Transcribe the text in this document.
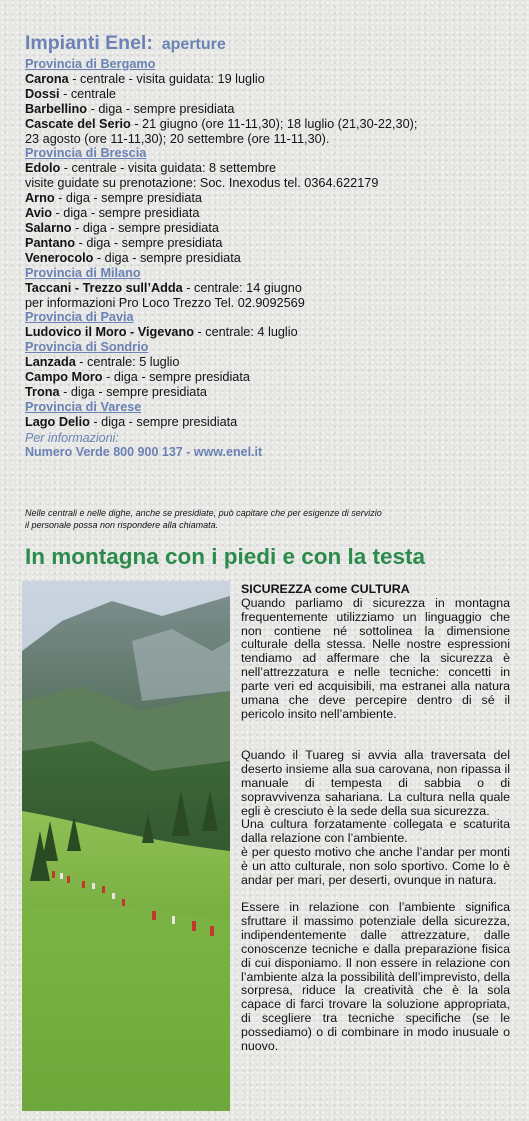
Impianti Enel: aperture
Provincia di Bergamo
Carona - centrale - visita guidata: 19 luglio
Dossi - centrale
Barbellino - diga - sempre presidiata
Cascate del Serio - 21 giugno (ore 11-11,30); 18 luglio (21,30-22,30);
23 agosto (ore 11-11,30); 20 settembre (ore 11-11,30).
Provincia di Brescia
Edolo - centrale - visita guidata: 8 settembre
visite guidate su prenotazione: Soc. Inexodus tel. 0364.622179
Arno - diga - sempre presidiata
Avio - diga - sempre presidiata
Salarno - diga - sempre presidiata
Pantano - diga - sempre presidiata
Venerocolo - diga - sempre presidiata
Provincia di Milano
Taccani - Trezzo sull’Adda - centrale: 14 giugno
per informazioni Pro Loco Trezzo Tel. 02.9092569
Provincia di Pavia
Ludovico il Moro - Vigevano - centrale: 4 luglio
Provincia di Sondrio
Lanzada - centrale: 5 luglio
Campo Moro - diga - sempre presidiata
Trona - diga - sempre presidiata
Provincia di Varese
Lago Delio - diga - sempre presidiata
Per informazioni:
Numero Verde 800 900 137 - www.enel.it
Nelle centrali e nelle dighe, anche se presidiate, può capitare che per esigenze di servizio
il personale possa non rispondere alla chiamata.
In montagna con i piedi e con la testa
SICUREZZA come CULTURA

Quando parliamo di sicurezza in montagna frequentemente utilizziamo un linguaggio che non contiene né sottolinea la dimensione culturale della stessa. Nelle nostre espressioni tendiamo ad affermare che la sicurezza è nell’attrezzatura e nelle tecniche: concetti in parte veri ed acquisibili, ma estranei alla natura umana che deve percepire dentro di sé il pericolo insito nell’ambiente.

Quando il Tuareg si avvia alla traversata del deserto insieme alla sua carovana, non ripassa il manuale di tempesta di sabbia o di sopravvivenza sahariana. La cultura nella quale egli è cresciuto è la sede della sua sicurezza.

Una cultura forzatamente collegata e scaturita dalla relazione con l’ambiente.

è per questo motivo che anche l’andar per monti è un atto culturale, non solo sportivo. Come lo è andar per mari, per deserti, ovunque in natura.

Essere in relazione con l’ambiente significa sfruttare il massimo potenziale della sicurezza, indipendentemente dalle attrezzature, dalle conoscenze tecniche e dalla preparazione fisica di cui disponiamo. Il non essere in relazione con l’ambiente alza la possibilità dell’imprevisto, della sorpresa, riduce la creatività che è la sola capace di farci trovare la soluzione appropriata, di scegliere tra tecniche specifiche (se le possediamo) o di combinare in modo inusuale o nuovo.
